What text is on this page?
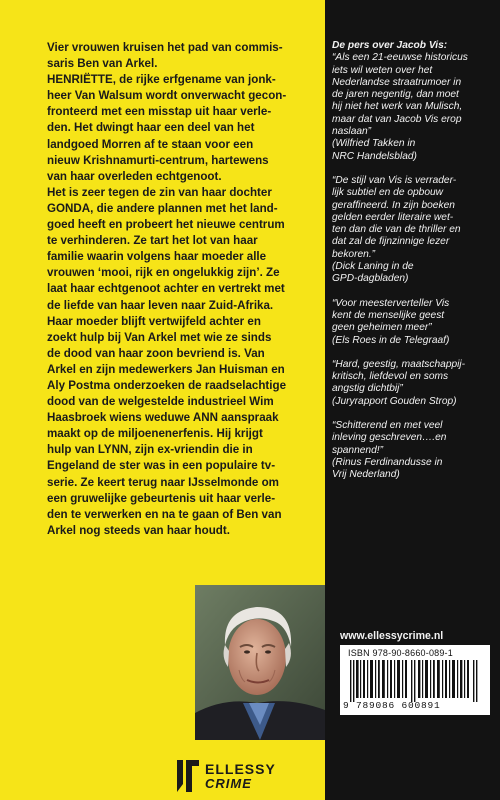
Vier vrouwen kruisen het pad van commis-

saris Ben van Arkel.

HENRIËTTE, de rijke erfgename van jonk-

heer Van Walsum wordt onverwacht gecon-

fronteerd met een misstap uit haar verle-

den. Het dwingt haar een deel van het

landgoed Morren af te staan voor een

nieuw Krishnamurti-centrum, hartewens

van haar overleden echtgenoot.

Het is zeer tegen de zin van haar dochter

GONDA, die andere plannen met het land-

goed heeft en probeert het nieuwe centrum

te verhinderen. Ze tart het lot van haar

familie waarin volgens haar moeder alle

vrouwen ‘mooi, rijk en ongelukkig zijn’. Ze

laat haar echtgenoot achter en vertrekt met

de liefde van haar leven naar Zuid-Afrika.

Haar moeder blijft vertwijfeld achter en

zoekt hulp bij Van Arkel met wie ze sinds

de dood van haar zoon bevriend is. Van

Arkel en zijn medewerkers Jan Huisman en

Aly Postma onderzoeken de raadselachtige

dood van de welgestelde industrieel Wim

Haasbroek wiens weduwe ANN aanspraak

maakt op de miljoenenerfenis. Hij krijgt

hulp van LYNN, zijn ex-vriendin die in

Engeland de ster was in een populaire tv-

serie. Ze keert terug naar IJsselmonde om

een gruwelijke gebeurtenis uit haar verle-

den te verwerken en na te gaan of Ben van

Arkel nog steeds van haar houdt.

De pers over Jacob Vis:

“Als een 21-eeuwse historicus

iets wil weten over het

Nederlandse straatrumoer in

de jaren negentig, dan moet

hij niet het werk van Mulisch,

maar dat van Jacob Vis erop

naslaan”

(Wilfried Takken in

NRC Handelsblad)

“De stijl van Vis is verrader-

lijk subtiel en de opbouw

geraffineerd. In zijn boeken

gelden eerder literaire wet-

ten dan die van de thriller en

dat zal de fijnzinnige lezer

bekoren.”

(Dick Laning in de

GPD-dagbladen)

“Voor meesterverteller Vis

kent de menselijke geest

geen geheimen meer”

(Els Roes in de Telegraaf)

“Hard, geestig, maatschappij-

kritisch, liefdevol en soms

angstig dichtbij”

(Juryrapport Gouden Strop)

“Schitterend en met veel

inleving geschreven….en

spannend!”

(Rinus Ferdinandusse in

Vrij Nederland)

ELLESSY
CRIME
www.ellessycrime.nl
ISBN 978-90-8660-089-1
9 789086 600891
